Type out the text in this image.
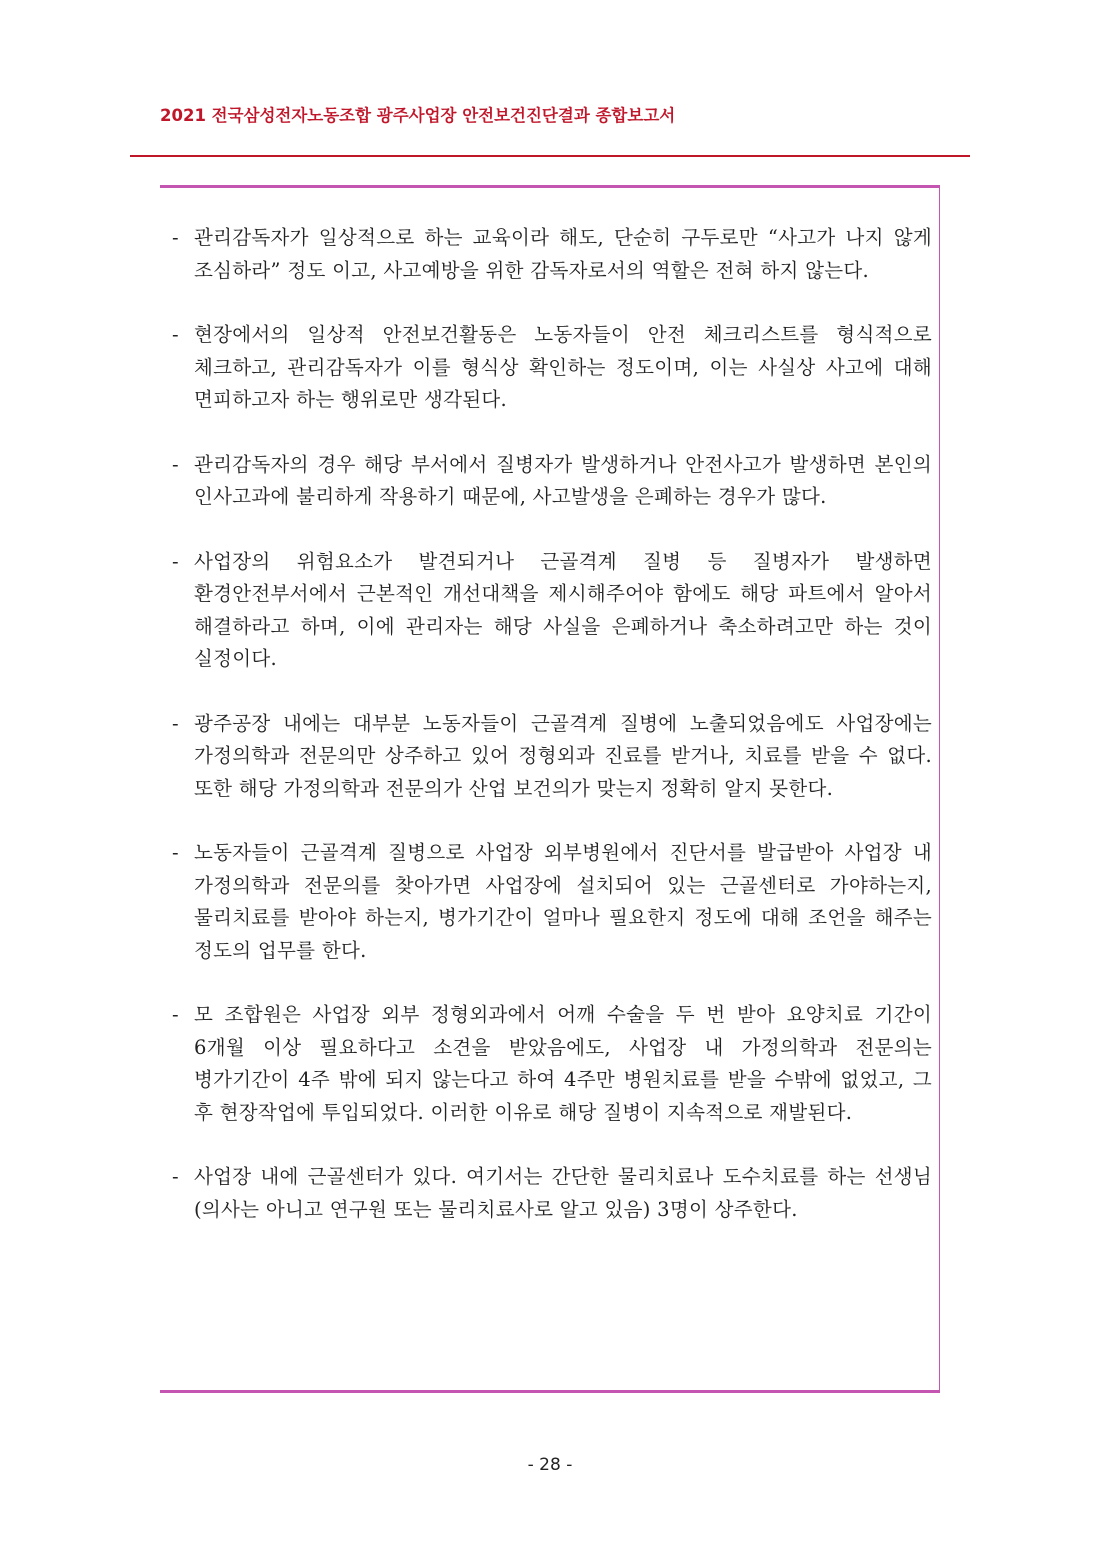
2021 전국삼성전자노동조합 광주사업장 안전보건진단결과 종합보고서
- 관리감독자가 일상적으로 하는 교육이라 해도, 단순히 구두로만 “사고가 나지 않게 조심하라” 정도 이고, 사고예방을 위한 감독자로서의 역할은 전혀 하지 않는다.
- 현장에서의 일상적 안전보건활동은 노동자들이 안전 체크리스트를 형식적으로 체크하고, 관리감독자가 이를 형식상 확인하는 정도이며, 이는 사실상 사고에 대해 면피하고자 하는 행위로만 생각된다.
- 관리감독자의 경우 해당 부서에서 질병자가 발생하거나 안전사고가 발생하면 본인의 인사고과에 불리하게 작용하기 때문에, 사고발생을 은폐하는 경우가 많다.
- 사업장의 위험요소가 발견되거나 근골격계 질병 등 질병자가 발생하면 환경안전부서에서 근본적인 개선대책을 제시해주어야 함에도 해당 파트에서 알아서 해결하라고 하며, 이에 관리자는 해당 사실을 은폐하거나 축소하려고만 하는 것이 실정이다.
- 광주공장 내에는 대부분 노동자들이 근골격계 질병에 노출되었음에도 사업장에는 가정의학과 전문의만 상주하고 있어 정형외과 진료를 받거나, 치료를 받을 수 없다. 또한 해당 가정의학과 전문의가 산업 보건의가 맞는지 정확히 알지 못한다.
- 노동자들이 근골격계 질병으로 사업장 외부병원에서 진단서를 발급받아 사업장 내 가정의학과 전문의를 찾아가면 사업장에 설치되어 있는 근골센터로 가야하는지, 물리치료를 받아야 하는지, 병가기간이 얼마나 필요한지 정도에 대해 조언을 해주는 정도의 업무를 한다.
- 모 조합원은 사업장 외부 정형외과에서 어깨 수술을 두 번 받아 요양치료 기간이 6개월 이상 필요하다고 소견을 받았음에도, 사업장 내 가정의학과 전문의는 병가기간이 4주 밖에 되지 않는다고 하여 4주만 병원치료를 받을 수밖에 없었고, 그 후 현장작업에 투입되었다. 이러한 이유로 해당 질병이 지속적으로 재발된다.
- 사업장 내에 근골센터가 있다. 여기서는 간단한 물리치료나 도수치료를 하는 선생님(의사는 아니고 연구원 또는 물리치료사로 알고 있음) 3명이 상주한다.
- 28 -
